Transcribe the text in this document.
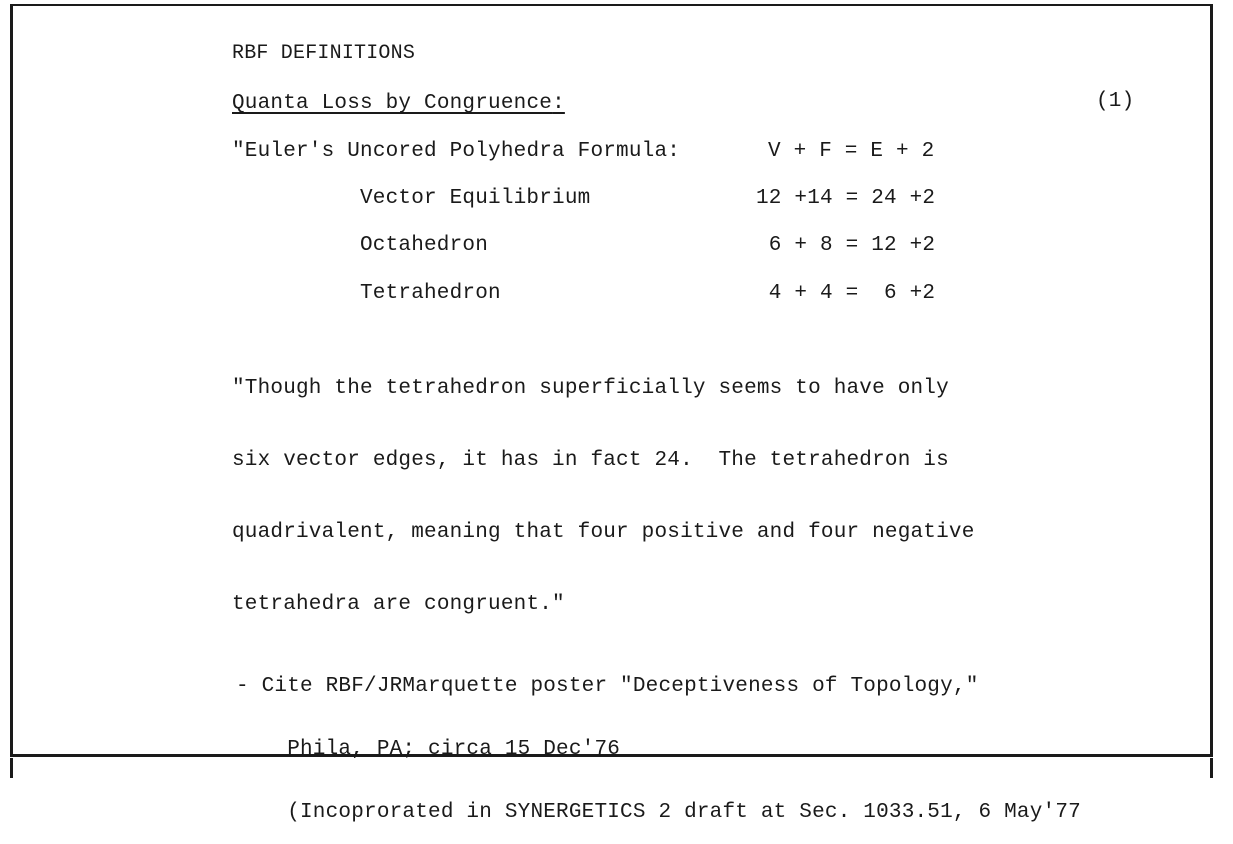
RBF DEFINITIONS
Quanta Loss by Congruence:	(1)
"Euler's Uncored Polyhedra Formula:	V + F = E + 2
Vector Equilibrium	12 +14 = 24 +2
Octahedron	6 + 8 = 12 +2
Tetrahedron	4 + 4 =  6 +2

"Though the tetrahedron superficially seems to have only

six vector edges, it has in fact 24.  The tetrahedron is

quadrivalent, meaning that four positive and four negative

tetrahedra are congruent."

- Cite RBF/JRMarquette poster "Deceptiveness of Topology,"

Phila, PA; circa 15 Dec'76

(Incoprorated in SYNERGETICS 2 draft at Sec. 1033.51, 6 May'77
